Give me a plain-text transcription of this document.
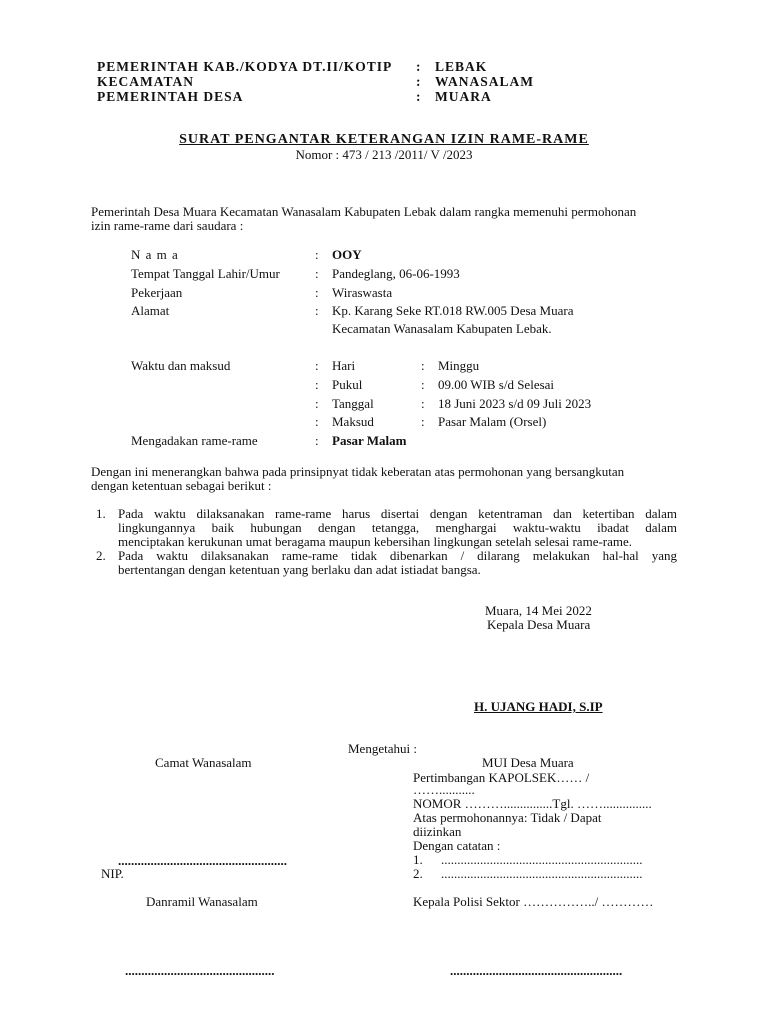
PEMERINTAH KAB./KODYA DT.II/KOTIP : LEBAK
KECAMATAN	: WANASALAM
PEMERINTAH DESA	: MUARA
SURAT PENGANTAR KETERANGAN IZIN RAME-RAME
Nomor : 473 / 213 /2011/ V /2023
Pemerintah Desa Muara Kecamatan Wanasalam Kabupaten Lebak dalam rangka memenuhi permohonan
izin rame-rame dari saudara :
N a m a	: OOY
Tempat Tanggal Lahir/Umur	: Pandeglang, 06-06-1993
Pekerjaan	: Wiraswasta
Alamat	: Kp. Karang Seke RT.018 RW.005 Desa Muara
Kecamatan Wanasalam Kabupaten Lebak.
Waktu dan maksud	: Hari	: Minggu
: Pukul	: 09.00 WIB s/d Selesai
: Tanggal	: 18 Juni 2023 s/d 09 Juli 2023
: Maksud	: Pasar Malam (Orsel)
Mengadakan rame-rame	: Pasar Malam
Dengan ini menerangkan bahwa pada prinsipnyat tidak keberatan atas permohonan yang bersangkutan
dengan ketentuan sebagai berikut :
1. Pada waktu dilaksanakan rame-rame harus disertai dengan ketentraman dan ketertiban dalam
lingkungannya baik hubungan dengan tetangga, menghargai waktu-waktu ibadat dalam
menciptakan kerukunan umat beragama maupun kebersihan lingkungan setelah selesai rame-rame.
2. Pada waktu dilaksanakan rame-rame tidak dibenarkan / dilarang melakukan hal-hal yang
bertentangan dengan ketentuan yang berlaku dan adat istiadat bangsa.
Muara, 14 Mei 2022
Kepala Desa Muara
H. UJANG HADI, S.IP
Mengetahui :
Camat Wanasalam	MUI Desa Muara
Pertimbangan KAPOLSEK…… /
……...........
NOMOR ………...............Tgl. ……...............
Atas permohonannya: Tidak / Dapat
diizinkan
Dengan catatan :
1. ..............................................................
2. ..............................................................
....................................................
NIP.
Danramil Wanasalam	Kepala Polisi Sektor ……………../ …………
..............................................	.....................................................
